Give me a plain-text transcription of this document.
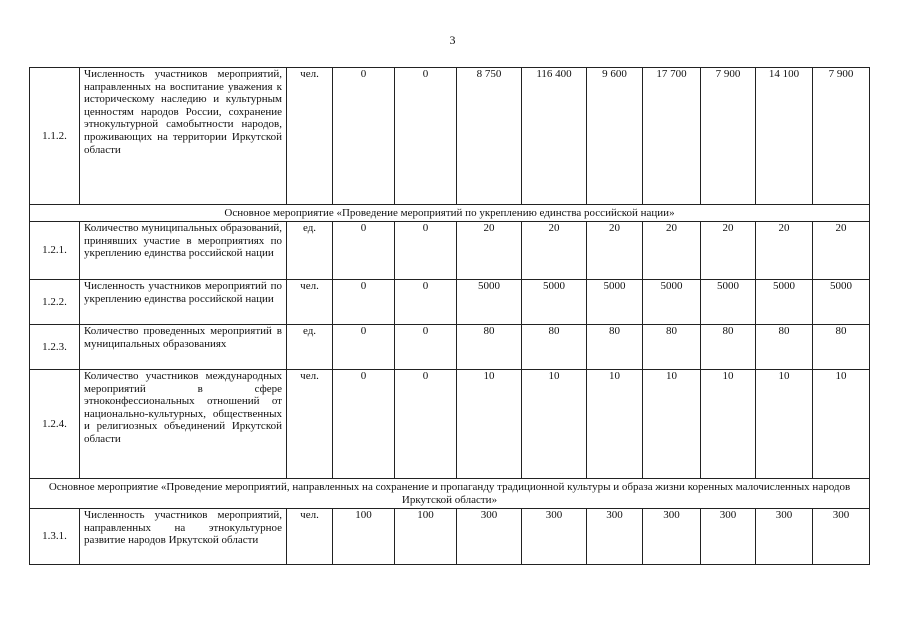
3
1.1.2.	Численность участников мероприятий, направленных на воспитание уважения к историческому наследию и культурным ценностям народов России, сохранение этнокультурной самобытности народов, проживающих на территории Иркутской области	чел.	0	0	8 750	116 400	9 600	17 700	7 900	14 100	7 900
Основное мероприятие «Проведение мероприятий по укреплению единства российской нации»											
1.2.1.	Количество муниципальных образований, принявших участие в мероприятиях по укреплению единства российской нации	ед.	0	0	20	20	20	20	20	20	20
1.2.2.	Численность участников мероприятий по укреплению единства российской нации	чел.	0	0	5000	5000	5000	5000	5000	5000	5000
1.2.3.	Количество проведенных мероприятий в муниципальных образованиях	ед.	0	0	80	80	80	80	80	80	80
1.2.4.	Количество участников международных мероприятий в сфере этноконфессиональных отношений от национально-культурных, общественных и религиозных объединений Иркутской области	чел.	0	0	10	10	10	10	10	10	10
Основное мероприятие «Проведение мероприятий, направленных на сохранение и пропаганду традиционной культуры и образа жизни коренных малочисленных народов Иркутской области»											
1.3.1.	Численность участников мероприятий, направленных на этнокультурное развитие народов Иркутской области	чел.	100	100	300	300	300	300	300	300	300
